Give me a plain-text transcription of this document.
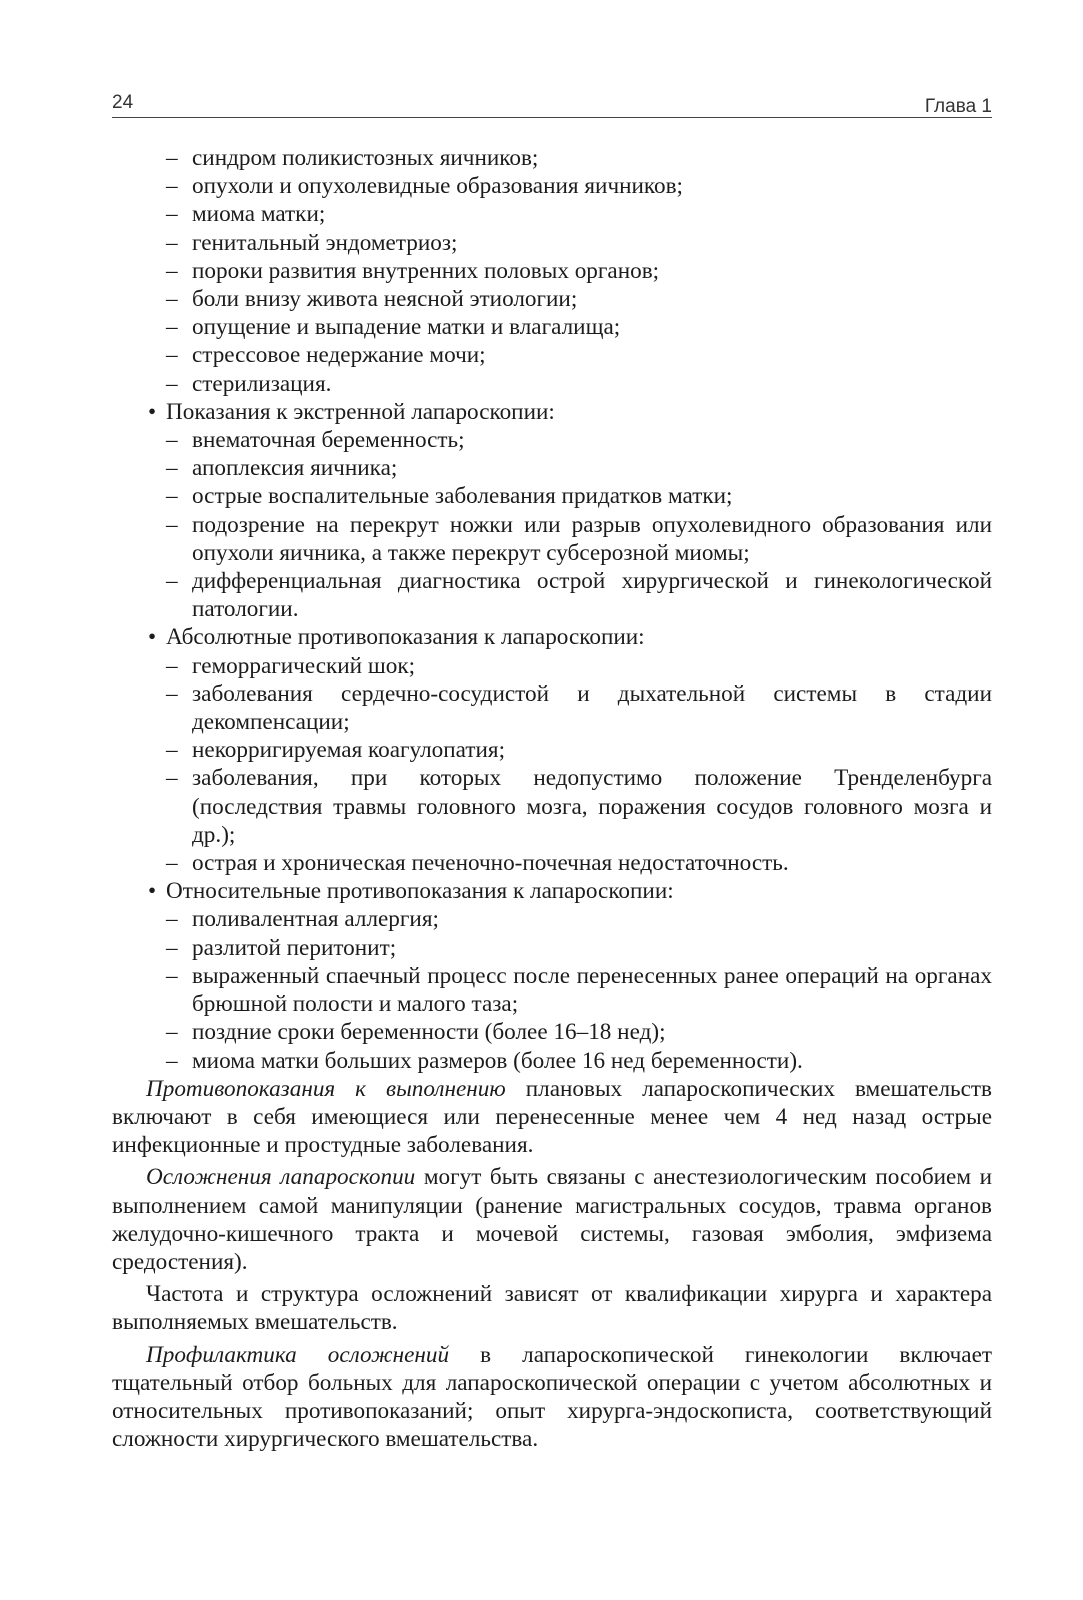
24	Глава 1
– синдром поликистозных яичников;
– опухоли и опухолевидные образования яичников;
– миома матки;
– генитальный эндометриоз;
– пороки развития внутренних половых органов;
– боли внизу живота неясной этиологии;
– опущение и выпадение матки и влагалища;
– стрессовое недержание мочи;
– стерилизация.
• Показания к экстренной лапароскопии:
– внематочная беременность;
– апоплексия яичника;
– острые воспалительные заболевания придатков матки;
– подозрение на перекрут ножки или разрыв опухолевидного образования или опухоли яичника, а также перекрут субсерозной миомы;
– дифференциальная диагностика острой хирургической и гинекологической патологии.
• Абсолютные противопоказания к лапароскопии:
– геморрагический шок;
– заболевания сердечно-сосудистой и дыхательной системы в стадии декомпенсации;
– некорригируемая коагулопатия;
– заболевания, при которых недопустимо положение Тренделенбурга (последствия травмы головного мозга, поражения сосудов головного мозга и др.);
– острая и хроническая печеночно-почечная недостаточность.
• Относительные противопоказания к лапароскопии:
– поливалентная аллергия;
– разлитой перитонит;
– выраженный спаечный процесс после перенесенных ранее операций на органах брюшной полости и малого таза;
– поздние сроки беременности (более 16–18 нед);
– миома матки больших размеров (более 16 нед беременности).

Противопоказания к выполнению плановых лапароскопических вмешательств включают в себя имеющиеся или перенесенные менее чем 4 нед назад острые инфекционные и простудные заболевания.

Осложнения лапароскопии могут быть связаны с анестезиологическим пособием и выполнением самой манипуляции (ранение магистральных сосудов, травма органов желудочно-кишечного тракта и мочевой системы, газовая эмболия, эмфизема средостения).

Частота и структура осложнений зависят от квалификации хирурга и характера выполняемых вмешательств.

Профилактика осложнений в лапароскопической гинекологии включает тщательный отбор больных для лапароскопической операции с учетом абсолютных и относительных противопоказаний; опыт хирурга-эндоскописта, соответствующий сложности хирургического вмешательства.
